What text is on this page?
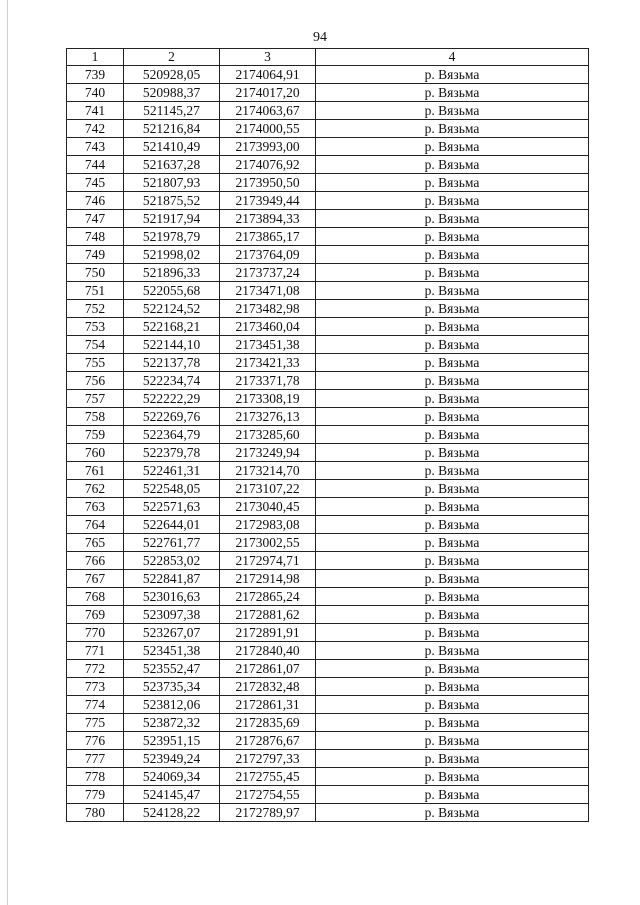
94
1	2	3	4
739	520928,05	2174064,91	р. Вязьма
740	520988,37	2174017,20	р. Вязьма
741	521145,27	2174063,67	р. Вязьма
742	521216,84	2174000,55	р. Вязьма
743	521410,49	2173993,00	р. Вязьма
744	521637,28	2174076,92	р. Вязьма
745	521807,93	2173950,50	р. Вязьма
746	521875,52	2173949,44	р. Вязьма
747	521917,94	2173894,33	р. Вязьма
748	521978,79	2173865,17	р. Вязьма
749	521998,02	2173764,09	р. Вязьма
750	521896,33	2173737,24	р. Вязьма
751	522055,68	2173471,08	р. Вязьма
752	522124,52	2173482,98	р. Вязьма
753	522168,21	2173460,04	р. Вязьма
754	522144,10	2173451,38	р. Вязьма
755	522137,78	2173421,33	р. Вязьма
756	522234,74	2173371,78	р. Вязьма
757	522222,29	2173308,19	р. Вязьма
758	522269,76	2173276,13	р. Вязьма
759	522364,79	2173285,60	р. Вязьма
760	522379,78	2173249,94	р. Вязьма
761	522461,31	2173214,70	р. Вязьма
762	522548,05	2173107,22	р. Вязьма
763	522571,63	2173040,45	р. Вязьма
764	522644,01	2172983,08	р. Вязьма
765	522761,77	2173002,55	р. Вязьма
766	522853,02	2172974,71	р. Вязьма
767	522841,87	2172914,98	р. Вязьма
768	523016,63	2172865,24	р. Вязьма
769	523097,38	2172881,62	р. Вязьма
770	523267,07	2172891,91	р. Вязьма
771	523451,38	2172840,40	р. Вязьма
772	523552,47	2172861,07	р. Вязьма
773	523735,34	2172832,48	р. Вязьма
774	523812,06	2172861,31	р. Вязьма
775	523872,32	2172835,69	р. Вязьма
776	523951,15	2172876,67	р. Вязьма
777	523949,24	2172797,33	р. Вязьма
778	524069,34	2172755,45	р. Вязьма
779	524145,47	2172754,55	р. Вязьма
780	524128,22	2172789,97	р. Вязьма
